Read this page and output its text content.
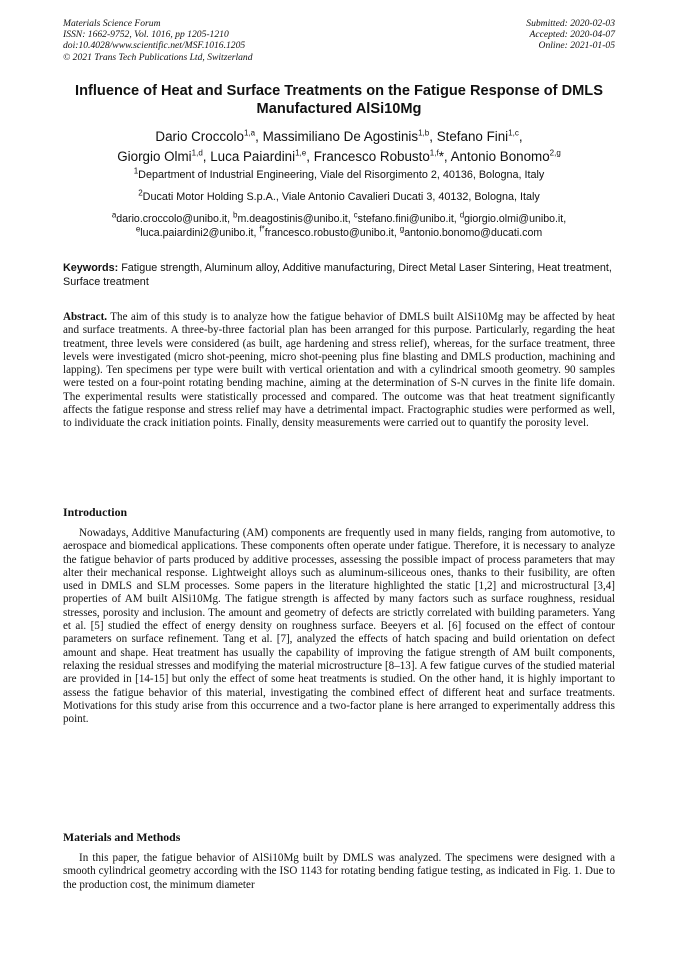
Materials Science Forum
ISSN: 1662-9752, Vol. 1016, pp 1205-1210
doi:10.4028/www.scientific.net/MSF.1016.1205
© 2021 Trans Tech Publications Ltd, Switzerland
Submitted: 2020-02-03
Accepted: 2020-04-07
Online: 2021-01-05
Influence of Heat and Surface Treatments on the Fatigue Response of DMLS Manufactured AlSi10Mg
Dario Croccolo$^{1,a}$, Massimiliano De Agostinis$^{1,b}$, Stefano Fini$^{1,c}$,
Giorgio Olmi$^{1,d}$, Luca Paiardini$^{1,e}$, Francesco Robusto$^{1,f}$*, Antonio Bonomo$^{2,g}$
$^1$Department of Industrial Engineering, Viale del Risorgimento 2, 40136, Bologna, Italy
$^2$Ducati Motor Holding S.p.A., Viale Antonio Cavalieri Ducati 3, 40132, Bologna, Italy
$^a$dario.croccolo@unibo.it, $^b$m.deagostinis@unibo.it, $^c$stefano.fini@unibo.it, $^d$giorgio.olmi@unibo.it,
$^e$luca.paiardini2@unibo.it, $^{f*}$francesco.robusto@unibo.it, $^g$antonio.bonomo@ducati.com
Keywords: Fatigue strength, Aluminum alloy, Additive manufacturing, Direct Metal Laser Sintering, Heat treatment, Surface treatment
Abstract. The aim of this study is to analyze how the fatigue behavior of DMLS built AlSi10Mg may be affected by heat and surface treatments. A three-by-three factorial plan has been arranged for this purpose. Particularly, regarding the heat treatment, three levels were considered (as built, age hardening and stress relief), whereas, for the surface treatment, three levels were investigated (micro shot-peening, micro shot-peening plus fine blasting and DMLS production, machining and lapping). Ten specimens per type were built with vertical orientation and with a cylindrical smooth geometry. 90 samples were tested on a four-point rotating bending machine, aiming at the determination of S-N curves in the finite life domain. The experimental results were statistically processed and compared. The outcome was that heat treatment significantly affects the fatigue response and stress relief may have a detrimental impact. Fractographic studies were performed as well, to individuate the crack initiation points. Finally, density measurements were carried out to quantify the porosity level.
Introduction
Nowadays, Additive Manufacturing (AM) components are frequently used in many fields, ranging from automotive, to aerospace and biomedical applications. These components often operate under fatigue. Therefore, it is necessary to analyze the fatigue behavior of parts produced by additive processes, assessing the possible impact of process parameters that may alter their mechanical response. Lightweight alloys such as aluminum-siliceous ones, thanks to their fusibility, are often used in DMLS and SLM processes. Some papers in the literature highlighted the static [1,2] and microstructural [3,4] properties of AM built AlSi10Mg. The fatigue strength is affected by many factors such as surface roughness, residual stresses, porosity and inclusion. The amount and geometry of defects are strictly correlated with building parameters. Yang et al. [5] studied the effect of energy density on roughness surface. Beeyers et al. [6] focused on the effect of contour parameters on surface refinement. Tang et al. [7], analyzed the effects of hatch spacing and build orientation on defect amount and shape. Heat treatment has usually the capability of improving the fatigue strength of AM built components, relaxing the residual stresses and modifying the material microstructure [8–13]. A few fatigue curves of the studied material are provided in [14-15] but only the effect of some heat treatments is studied. On the other hand, it is highly important to assess the fatigue behavior of this material, investigating the combined effect of different heat and surface treatments. Motivations for this study arise from this occurrence and a two-factor plane is here arranged to experimentally address this point.
Materials and Methods
In this paper, the fatigue behavior of AlSi10Mg built by DMLS was analyzed. The specimens were designed with a smooth cylindrical geometry according with the ISO 1143 for rotating bending fatigue testing, as indicated in Fig. 1. Due to the production cost, the minimum diameter
